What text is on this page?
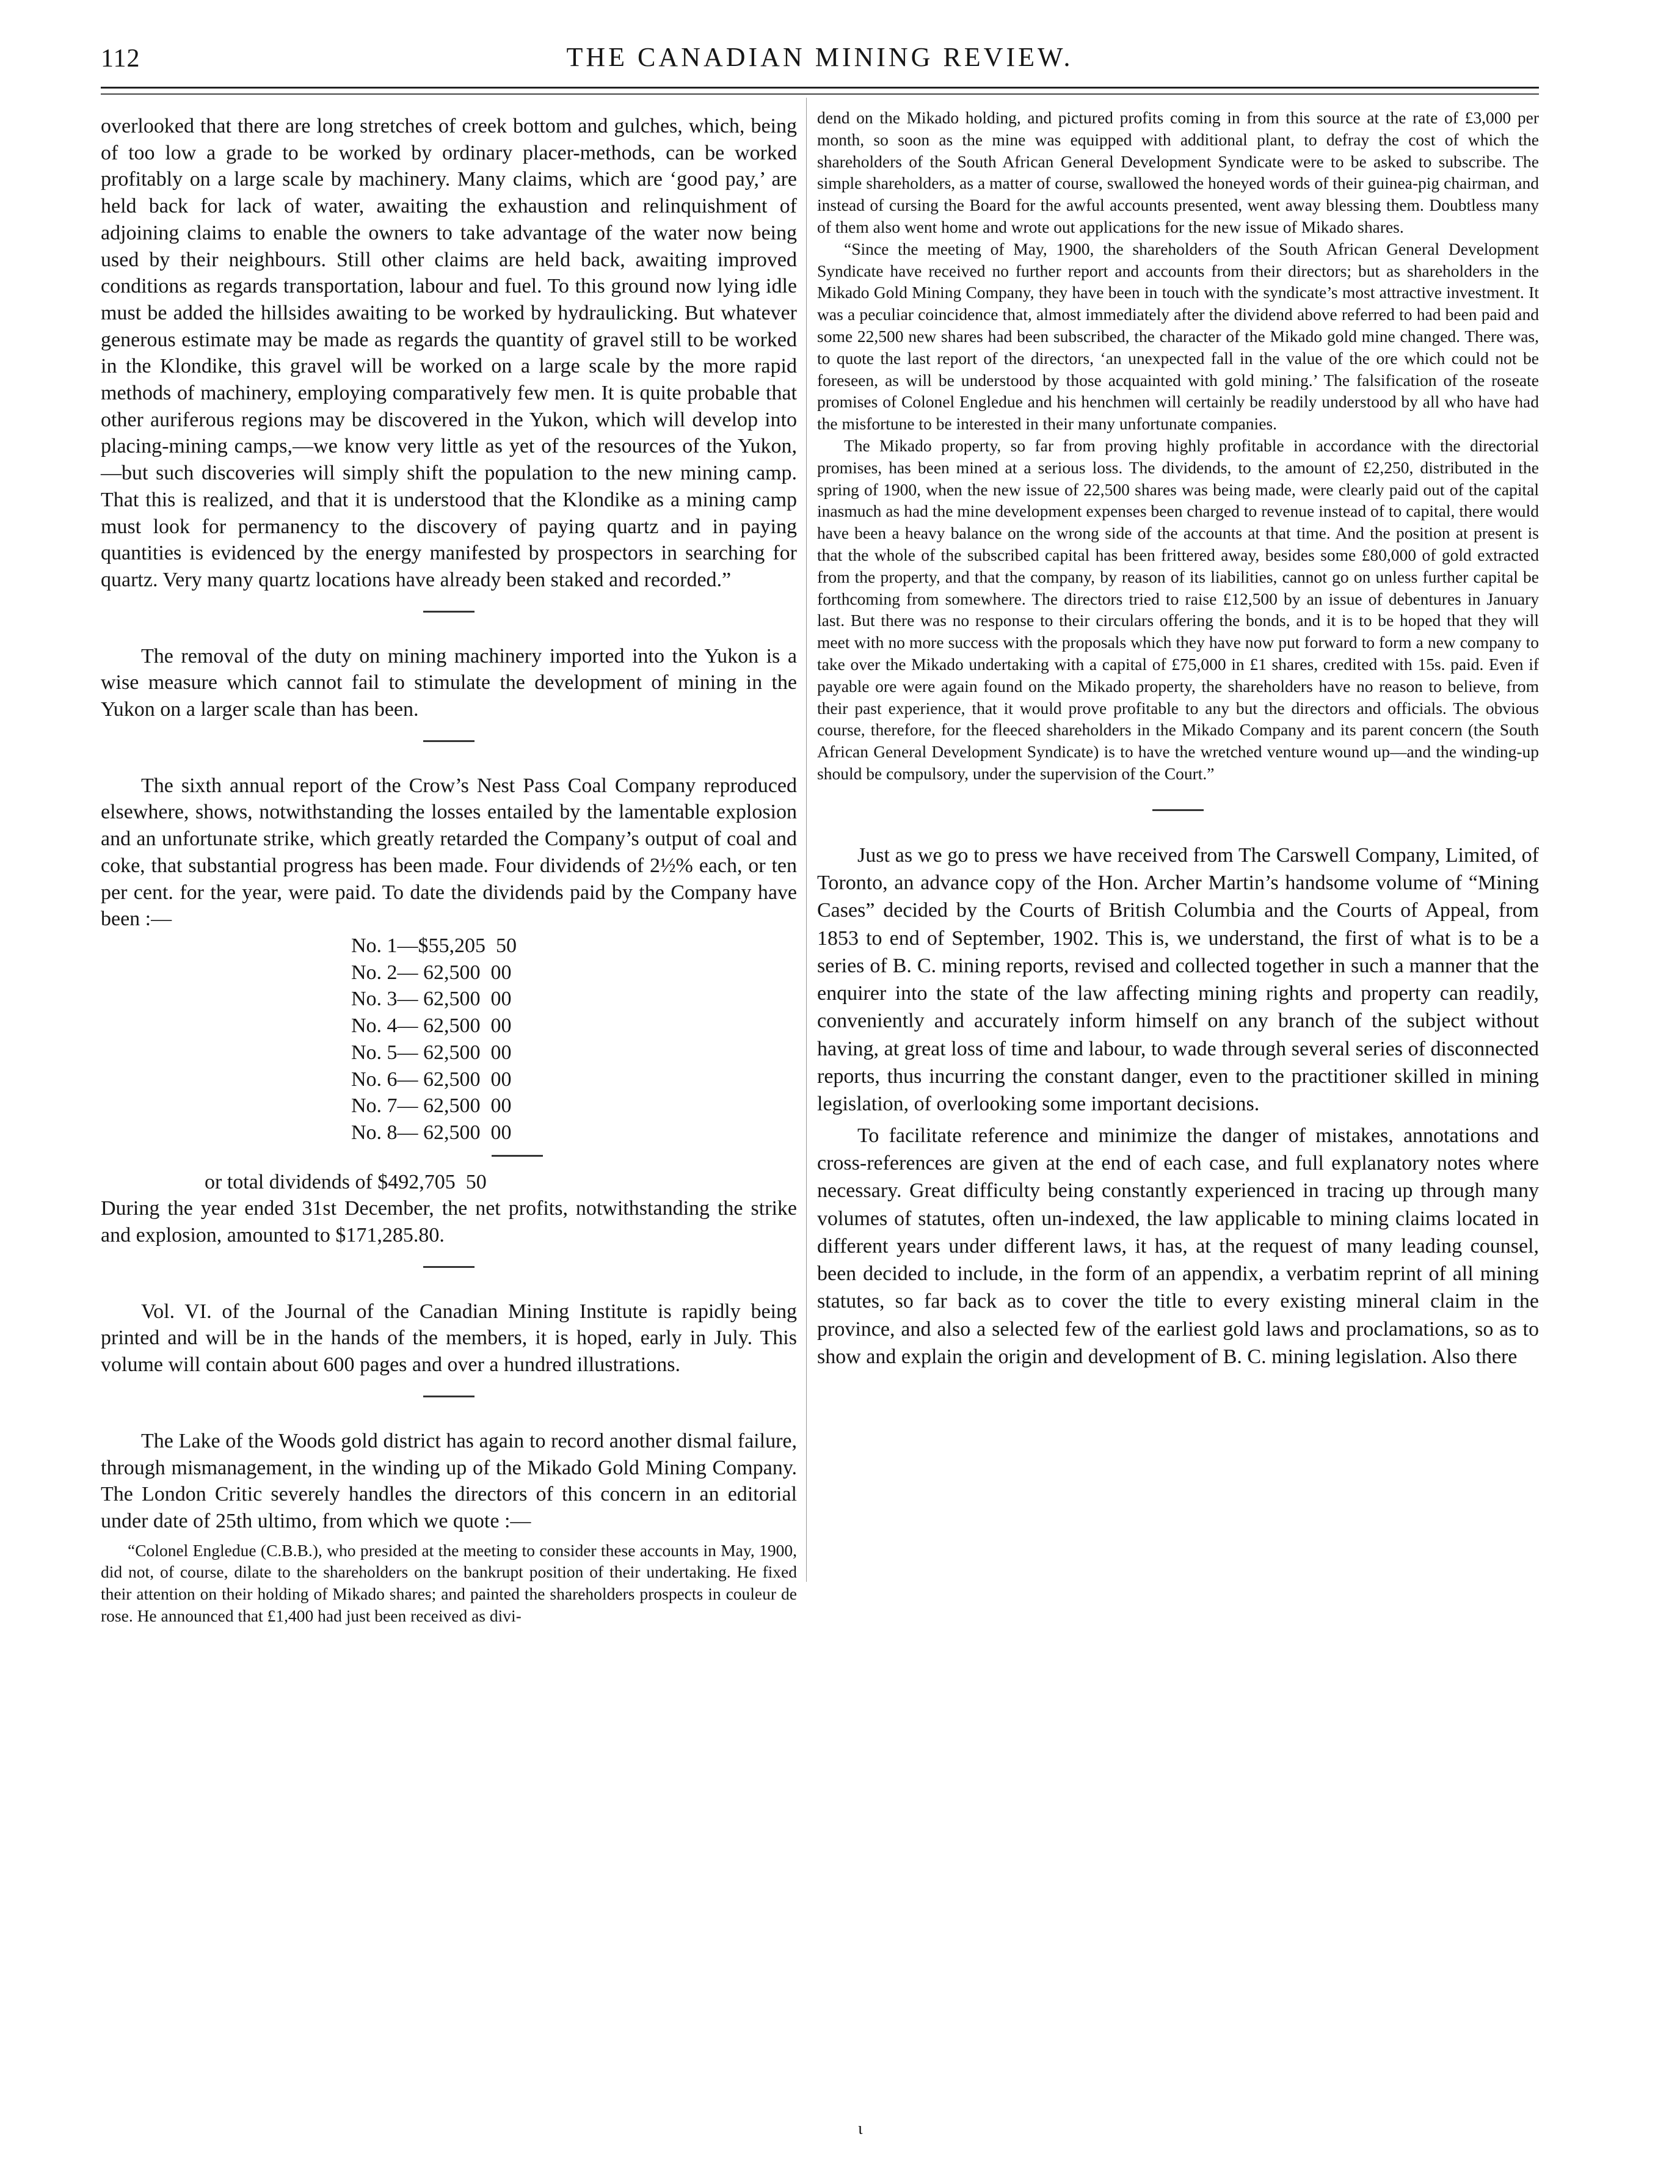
112	THE CANADIAN MINING REVIEW.

overlooked that there are long stretches of creek bottom and gulches, which, being of too low a grade to be worked by ordinary placer-methods, can be worked profitably on a large scale by machinery. Many claims, which are ‘good pay,’ are held back for lack of water, awaiting the exhaustion and relinquishment of adjoining claims to enable the owners to take advantage of the water now being used by their neighbours. Still other claims are held back, awaiting improved conditions as regards transportation, labour and fuel. To this ground now lying idle must be added the hillsides awaiting to be worked by hydraulicking. But whatever generous estimate may be made as regards the quantity of gravel still to be worked in the Klondike, this gravel will be worked on a large scale by the more rapid methods of machinery, employing comparatively few men. It is quite probable that other auriferous regions may be discovered in the Yukon, which will develop into placing-mining camps,—we know very little as yet of the resources of the Yukon,—but such discoveries will simply shift the population to the new mining camp. That this is realized, and that it is understood that the Klondike as a mining camp must look for permanency to the discovery of paying quartz and in paying quantities is evidenced by the energy manifested by prospectors in searching for quartz. Very many quartz locations have already been staked and recorded.”

The removal of the duty on mining machinery imported into the Yukon is a wise measure which cannot fail to stimulate the development of mining in the Yukon on a larger scale than has been.

The sixth annual report of the Crow’s Nest Pass Coal Company reproduced elsewhere, shows, notwithstanding the losses entailed by the lamentable explosion and an unfortunate strike, which greatly retarded the Company’s output of coal and coke, that substantial progress has been made. Four dividends of 2½% each, or ten per cent. for the year, were paid. To date the dividends paid by the Company have been :—

No. 1—$55,205  50
No. 2— 62,500  00
No. 3— 62,500  00
No. 4— 62,500  00
No. 5— 62,500  00
No. 6— 62,500  00
No. 7— 62,500  00
No. 8— 62,500  00
or total dividends of $492,705  50

During the year ended 31st December, the net profits, notwithstanding the strike and explosion, amounted to $171,285.80.

Vol. VI. of the Journal of the Canadian Mining Institute is rapidly being printed and will be in the hands of the members, it is hoped, early in July. This volume will contain about 600 pages and over a hundred illustrations.

The Lake of the Woods gold district has again to record another dismal failure, through mismanagement, in the winding up of the Mikado Gold Mining Company. The London Critic severely handles the directors of this concern in an editorial under date of 25th ultimo, from which we quote :—

“Colonel Engledue (C.B.B.), who presided at the meeting to consider these accounts in May, 1900, did not, of course, dilate to the shareholders on the bankrupt position of their undertaking. He fixed their attention on their holding of Mikado shares; and painted the shareholders prospects in couleur de rose. He announced that £1,400 had just been received as divi-

dend on the Mikado holding, and pictured profits coming in from this source at the rate of £3,000 per month, so soon as the mine was equipped with additional plant, to defray the cost of which the shareholders of the South African General Development Syndicate were to be asked to subscribe. The simple shareholders, as a matter of course, swallowed the honeyed words of their guinea-pig chairman, and instead of cursing the Board for the awful accounts presented, went away blessing them. Doubtless many of them also went home and wrote out applications for the new issue of Mikado shares.

“Since the meeting of May, 1900, the shareholders of the South African General Development Syndicate have received no further report and accounts from their directors; but as shareholders in the Mikado Gold Mining Company, they have been in touch with the syndicate’s most attractive investment. It was a peculiar coincidence that, almost immediately after the dividend above referred to had been paid and some 22,500 new shares had been subscribed, the character of the Mikado gold mine changed. There was, to quote the last report of the directors, ‘an unexpected fall in the value of the ore which could not be foreseen, as will be understood by those acquainted with gold mining.’ The falsification of the roseate promises of Colonel Engledue and his henchmen will certainly be readily understood by all who have had the misfortune to be interested in their many unfortunate companies.

The Mikado property, so far from proving highly profitable in accordance with the directorial promises, has been mined at a serious loss. The dividends, to the amount of £2,250, distributed in the spring of 1900, when the new issue of 22,500 shares was being made, were clearly paid out of the capital inasmuch as had the mine development expenses been charged to revenue instead of to capital, there would have been a heavy balance on the wrong side of the accounts at that time. And the position at present is that the whole of the subscribed capital has been frittered away, besides some £80,000 of gold extracted from the property, and that the company, by reason of its liabilities, cannot go on unless further capital be forthcoming from somewhere. The directors tried to raise £12,500 by an issue of debentures in January last. But there was no response to their circulars offering the bonds, and it is to be hoped that they will meet with no more success with the proposals which they have now put forward to form a new company to take over the Mikado undertaking with a capital of £75,000 in £1 shares, credited with 15s. paid. Even if payable ore were again found on the Mikado property, the shareholders have no reason to believe, from their past experience, that it would prove profitable to any but the directors and officials. The obvious course, therefore, for the fleeced shareholders in the Mikado Company and its parent concern (the South African General Development Syndicate) is to have the wretched venture wound up—and the winding-up should be compulsory, under the supervision of the Court.”

Just as we go to press we have received from The Carswell Company, Limited, of Toronto, an advance copy of the Hon. Archer Martin’s handsome volume of “Mining Cases” decided by the Courts of British Columbia and the Courts of Appeal, from 1853 to end of September, 1902. This is, we understand, the first of what is to be a series of B. C. mining reports, revised and collected together in such a manner that the enquirer into the state of the law affecting mining rights and property can readily, conveniently and accurately inform himself on any branch of the subject without having, at great loss of time and labour, to wade through several series of disconnected reports, thus incurring the constant danger, even to the practitioner skilled in mining legislation, of overlooking some important decisions.

To facilitate reference and minimize the danger of mistakes, annotations and cross-references are given at the end of each case, and full explanatory notes where necessary. Great difficulty being constantly experienced in tracing up through many volumes of statutes, often un-indexed, the law applicable to mining claims located in different years under different laws, it has, at the request of many leading counsel, been decided to include, in the form of an appendix, a verbatim reprint of all mining statutes, so far back as to cover the title to every existing mineral claim in the province, and also a selected few of the earliest gold laws and proclamations, so as to show and explain the origin and development of B. C. mining legislation. Also there

ɩ
